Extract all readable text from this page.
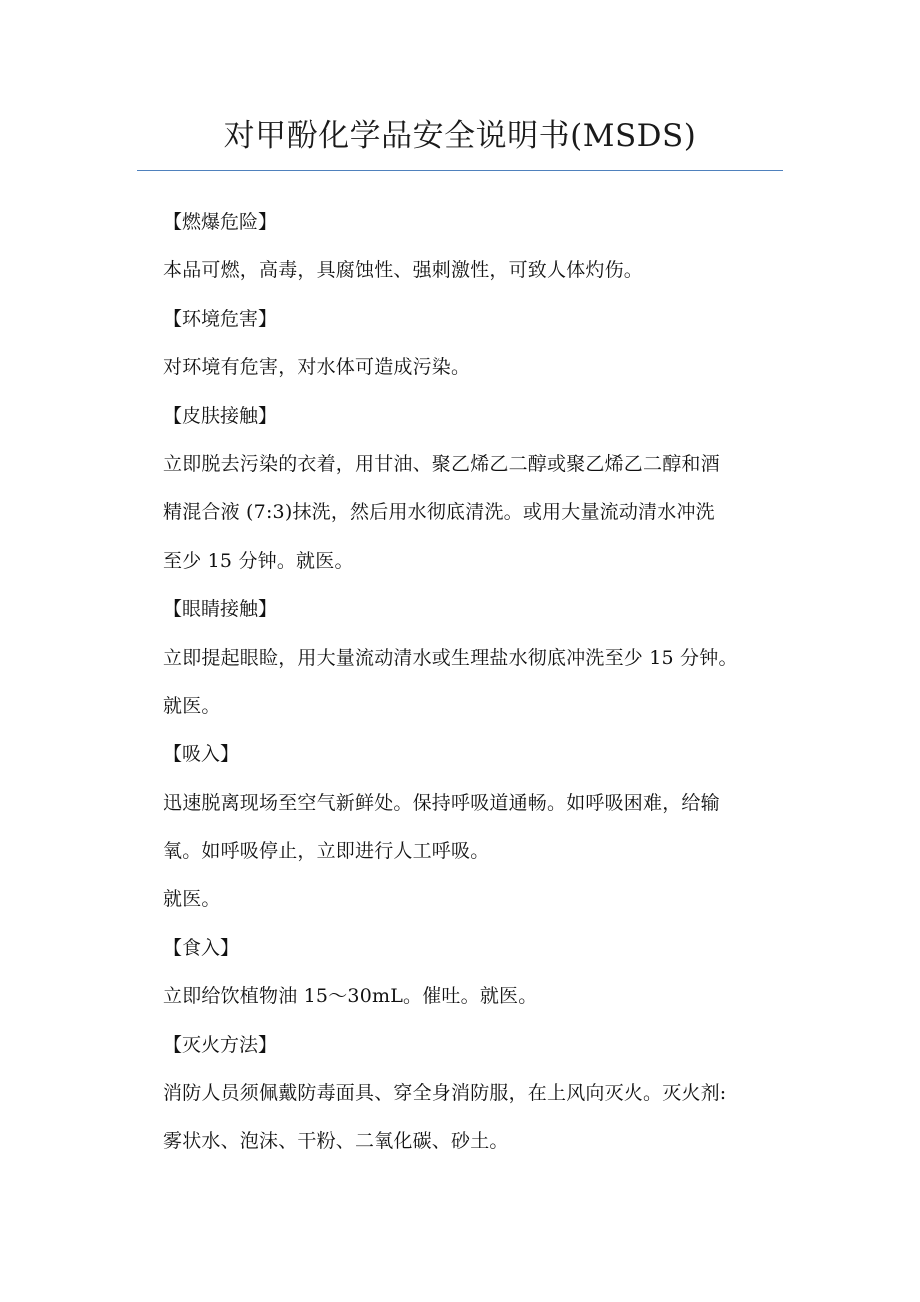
对甲酚化学品安全说明书(MSDS)
【燃爆危险】
本品可燃，高毒，具腐蚀性、强刺激性，可致人体灼伤。
【环境危害】
对环境有危害，对水体可造成污染。
【皮肤接触】
立即脱去污染的衣着，用甘油、聚乙烯乙二醇或聚乙烯乙二醇和酒
精混合液 (7:3)抹洗，然后用水彻底清洗。或用大量流动清水冲洗
至少 15 分钟。就医。
【眼睛接触】
立即提起眼睑，用大量流动清水或生理盐水彻底冲洗至少 15 分钟。
就医。
【吸入】
迅速脱离现场至空气新鲜处。保持呼吸道通畅。如呼吸困难，给输
氧。如呼吸停止，立即进行人工呼吸。
就医。
【食入】
立即给饮植物油 15～30mL。催吐。就医。
【灭火方法】
消防人员须佩戴防毒面具、穿全身消防服，在上风向灭火。灭火剂:
雾状水、泡沫、干粉、二氧化碳、砂土。
